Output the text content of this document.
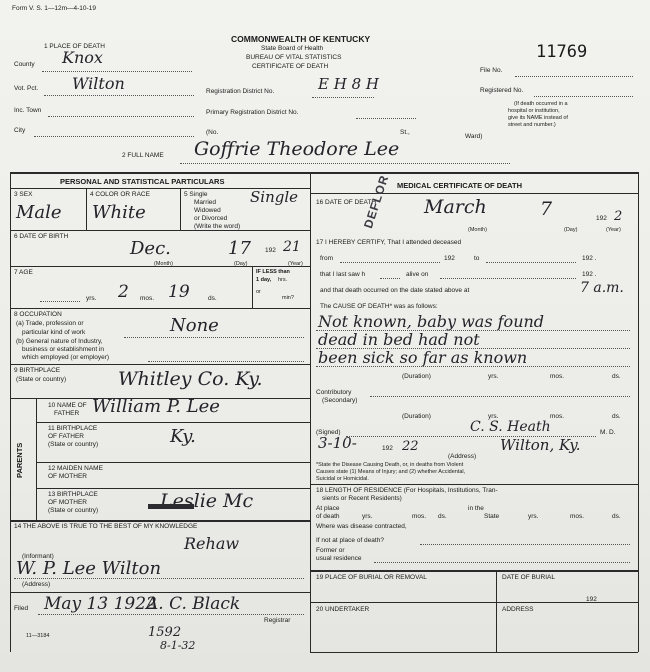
Form V. S. 1—12m—4-10-19
COMMONWEALTH OF KENTUCKY
State Board of Health
BUREAU OF VITAL STATISTICS
CERTIFICATE OF DEATH
11769
1 PLACE OF DEATH
County Knox
Vot. Pct. Wilton
Inc. Town
City
Registration District No.	E H 8 H
Primary Registration District No.
(No.	St.,
Ward)
File No.
Registered No.
(If death occurred in a
hospital or institution,
give its NAME instead of
street and number.)
2 FULL NAME Goffrie Theodore Lee
PERSONAL AND STATISTICAL PARTICULARS	MEDICAL CERTIFICATE OF DEATH
3 SEX
Male
4 COLOR OR RACE
White
5 Single
Married
Widowed
or Divorced
(Write the word)
Single
6 DATE OF BIRTH
Dec.	17 192 21
(Month)	(Day)	(Year)
7 AGE
yrs. 2 mos. 19	ds.
IF LESS than
1 day, hrs.
or
min?
8 OCCUPATION
(a) Trade, profession or
particular kind of work	None
(b) General nature of Industry,
business or establishment in
which employed (or employer)
9 BIRTHPLACE
(State or country)	Whitley Co. Ky.
PARENTS
10 NAME OF
FATHER William P. Lee
11 BIRTHPLACE
OF FATHER
(State or country)	Ky.
12 MAIDEN NAME
OF MOTHER
13 BIRTHPLACE
OF MOTHER
(State or country)	Leslie Mc
14 THE ABOVE IS TRUE TO THE BEST OF MY KNOWLEDGE
Rehaw
(Informant)
W. P. Lee Wilton
(Address)
Filed May 13 1922
A. C. Black
Registrar
11—3184	1592
8-1-32
16 DATE OF DEATH	March	7	192 2
(Month)	(Day)	(Year)
DEFLOR
17 I HEREBY CERTIFY, That I attended deceased
from	192	to	192 .
that I last saw h	alive on	192 .
and that death occurred on the date stated above at	7 a.m.
The CAUSE OF DEATH* was as follows:
Not known, baby was found
dead in bed had not
been sick so far as known
(Duration)	yrs.	mos.	ds.
Contributory
(Secondary)
(Duration)	yrs.	mos.	ds.
(Signed)	C. S. Heath	M. D.
3-10-	192 22	Wilton, Ky.
(Address)
*State the Disease Causing Death, or, in deaths from Violent
Causes state (1) Means of Injury; and (2) whether Accidental,
Suicidal or Homicidal.
18 LENGTH OF RESIDENCE (For Hospitals, Institutions, Tran-
sients or Recent Residents)
At place
of death	yrs.	mos. ds.
in the
State	yrs.	mos.	ds.
Where was disease contracted,
If not at place of death?
Former or
usual residence
19 PLACE OF BURIAL OR REMOVAL	DATE OF BURIAL
192
20 UNDERTAKER	ADDRESS
